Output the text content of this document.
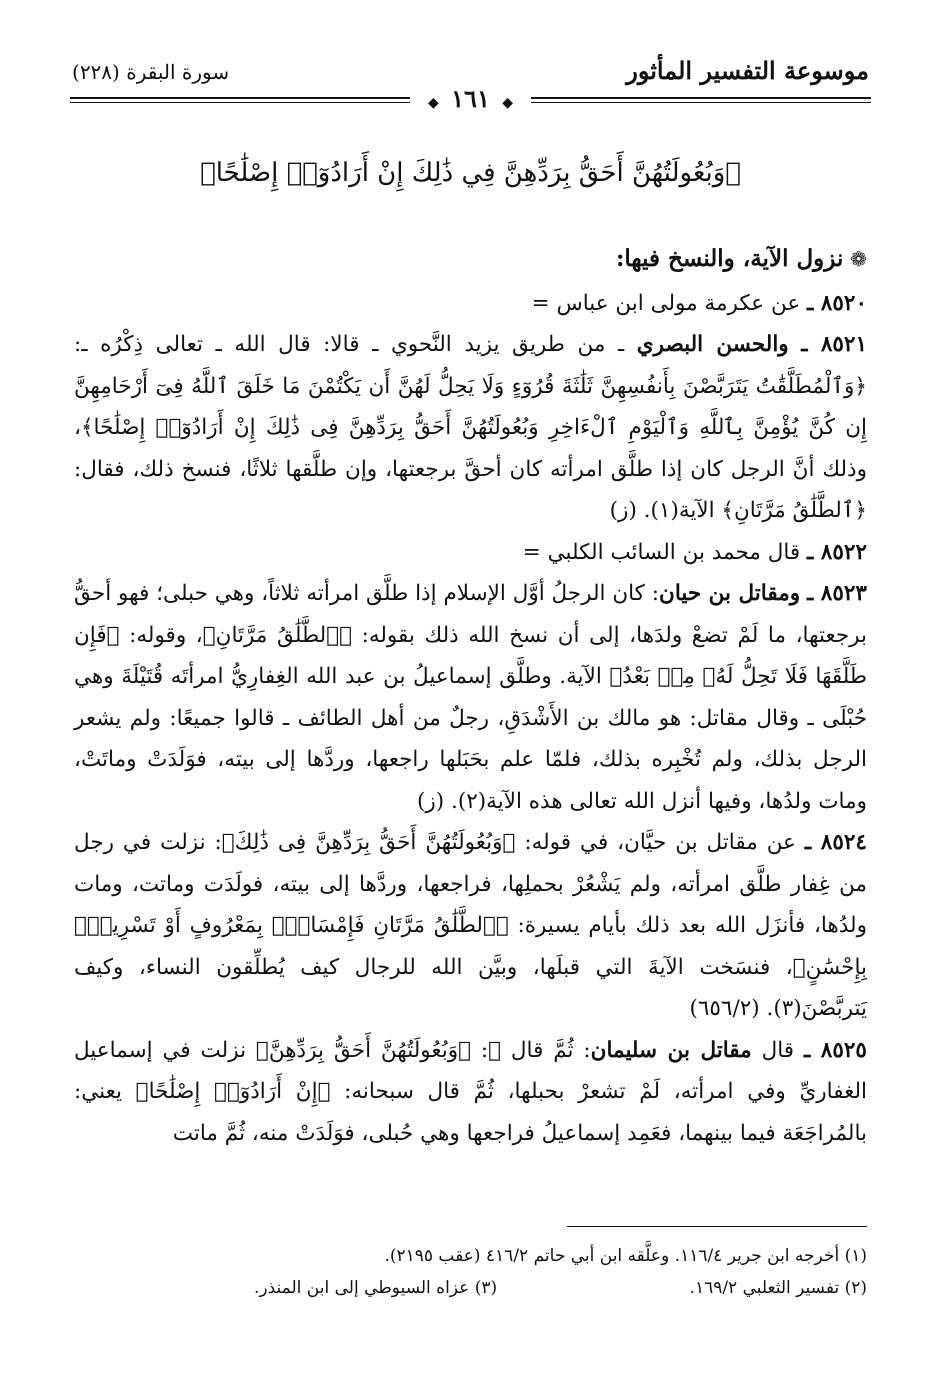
موسوعة التفسير المأثور
سورة البقرة (٢٢٨)
◆ ١٦١ ◆
﴿وَبُعُولَتُهُنَّ أَحَقُّ بِرَدِّهِنَّ فِي ذَٰلِكَ إِنْ أَرَادُوٓا۟ إِصْلَٰحًا﴾

❁ نزول الآية، والنسخ فيها:

٨٥٢٠ ـ عن عكرمة مولى ابن عباس =

٨٥٢١ ـ والحسن البصري ـ من طريق يزيد النَّحوي ـ قالا: قال الله ـ تعالى ذِكْرُه ـ: ﴿وَٱلْمُطَلَّقَٰتُ يَتَرَبَّصْنَ بِأَنفُسِهِنَّ ثَلَٰثَةَ قُرُوٓءٍ وَلَا يَحِلُّ لَهُنَّ أَن يَكْتُمْنَ مَا خَلَقَ ٱللَّهُ فِىٓ أَرْحَامِهِنَّ إِن كُنَّ يُؤْمِنَّ بِٱللَّهِ وَٱلْيَوْمِ ٱلْءَاخِرِ وَبُعُولَتُهُنَّ أَحَقُّ بِرَدِّهِنَّ فِى ذَٰلِكَ إِنْ أَرَادُوٓا۟ إِصْلَٰحًا﴾، وذلك أنَّ الرجل كان إذا طلَّق امرأته كان أحقَّ برجعتها، وإن طلَّقها ثلاثًا، فنسخ ذلك، فقال: ﴿ٱلطَّلَٰقُ مَرَّتَانِ﴾ الآية(١). (ز)

٨٥٢٢ ـ قال محمد بن السائب الكلبي =

٨٥٢٣ ـ ومقاتل بن حيان: كان الرجلُ أوَّل الإسلام إذا طلَّق امرأته ثلاثاً، وهي حبلى؛ فهو أحقُّ برجعتها، ما لَمْ تضعْ ولدَها، إلى أن نسخ الله ذلك بقوله: ﴿ٱلطَّلَٰقُ مَرَّتَانِ﴾، وقوله: ﴿فَإِن طَلَّقَهَا فَلَا تَحِلُّ لَهُۥ مِنۢ بَعْدُ﴾ الآية. وطلَّق إسماعيلُ بن عبد الله الغِفارِيُّ امرأتَه قُتَيْلَةَ وهي حُبْلَى ـ وقال مقاتل: هو مالك بن الأَشْدَقِ، رجلٌ من أهل الطائف ـ قالوا جميعًا: ولم يشعر الرجل بذلك، ولم تُخْبِره بذلك، فلمّا علم بحَبَلها راجعها، وردَّها إلى بيته، فوَلَدَتْ وماتَتْ، ومات ولدُها، وفيها أنزل الله تعالى هذه الآية(٢). (ز)

٨٥٢٤ ـ عن مقاتل بن حيَّان، في قوله: ﴿وَبُعُولَتُهُنَّ أَحَقُّ بِرَدِّهِنَّ فِى ذَٰلِكَ﴾: نزلت في رجل من غِفار طلَّق امرأته، ولم يَشْعُرْ بحملِها، فراجعها، وردَّها إلى بيته، فولَدَت وماتت، ومات ولدُها، فأنزَل الله بعد ذلك بأيام يسيرة: ﴿ٱلطَّلَٰقُ مَرَّتَانِ فَإِمْسَاكٌۢ بِمَعْرُوفٍ أَوْ تَسْرِيحٌۢ بِإِحْسَٰنٍ﴾، فنسَخت الآيةَ التي قبلَها، وبيَّن الله للرجال كيف يُطلِّقون النساء، وكيف يَتربَّصْنَ(٣). (٦٥٦/٢)

٨٥٢٥ ـ قال مقاتل بن سليمان: ثُمَّ قال ﷻ: ﴿وَبُعُولَتُهُنَّ أَحَقُّ بِرَدِّهِنَّ﴾ نزلت في إسماعيل الغفاريِّ وفي امرأته، لَمْ تشعرْ بحبلها، ثُمَّ قال سبحانه: ﴿إِنْ أَرَادُوٓا۟ إِصْلَٰحًا﴾ يعني: بالمُراجَعَة فيما بينهما، فعَمِد إسماعيلُ فراجعها وهي حُبلى، فوَلَدَتْ منه، ثُمَّ ماتت

(١) أخرجه ابن جرير ١١٦/٤. وعلَّقه ابن أبي حاتم ٤١٦/٢ (عقب ٢١٩٥).
(٢) تفسير الثعلبي ١٦٩/٢.
(٣) عزاه السيوطي إلى ابن المنذر.
